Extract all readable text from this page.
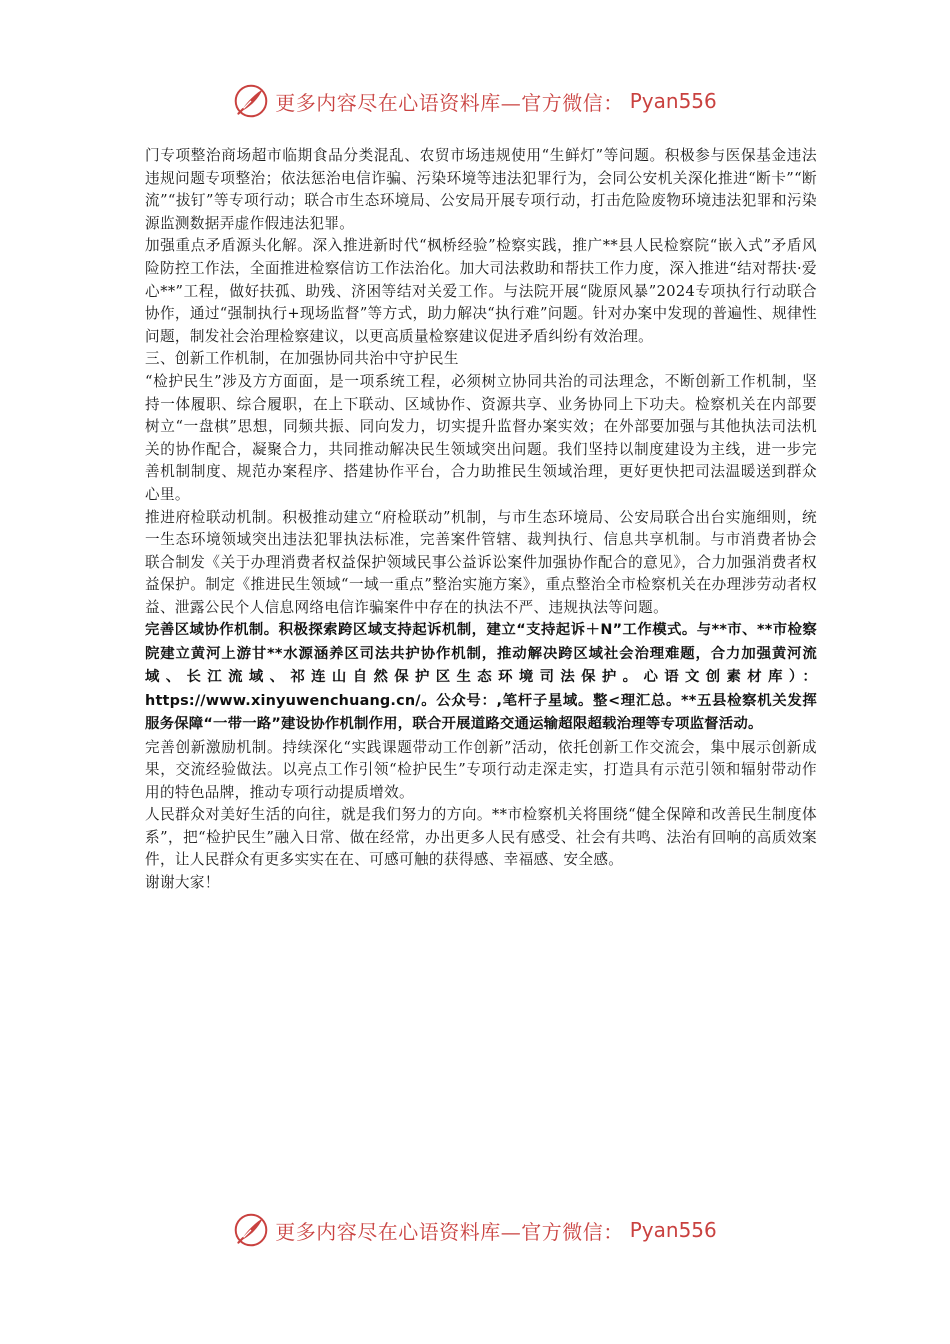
更多内容尽在心语资料库—官方微信： Pyan556

门专项整治商场超市临期食品分类混乱、农贸市场违规使用“生鲜灯”等问题。积极参与医保基金违法违规问题专项整治；依法惩治电信诈骗、污染环境等违法犯罪行为，会同公安机关深化推进“断卡”“断流”“拔钉”等专项行动；联合市生态环境局、公安局开展专项行动，打击危险废物环境违法犯罪和污染源监测数据弄虚作假违法犯罪。

加强重点矛盾源头化解。深入推进新时代“枫桥经验”检察实践，推广**县人民检察院“嵌入式”矛盾风险防控工作法，全面推进检察信访工作法治化。加大司法救助和帮扶工作力度，深入推进“结对帮扶·爱心**”工程，做好扶孤、助残、济困等结对关爱工作。与法院开展“陇原风暴”2024专项执行行动联合协作，通过“强制执行+现场监督”等方式，助力解决“执行难”问题。针对办案中发现的普遍性、规律性问题，制发社会治理检察建议，以更高质量检察建议促进矛盾纠纷有效治理。

三、创新工作机制，在加强协同共治中守护民生

“检护民生”涉及方方面面，是一项系统工程，必须树立协同共治的司法理念，不断创新工作机制，坚持一体履职、综合履职，在上下联动、区域协作、资源共享、业务协同上下功夫。检察机关在内部要树立“一盘棋”思想，同频共振、同向发力，切实提升监督办案实效；在外部要加强与其他执法司法机关的协作配合，凝聚合力，共同推动解决民生领域突出问题。我们坚持以制度建设为主线，进一步完善机制制度、规范办案程序、搭建协作平台，合力助推民生领域治理，更好更快把司法温暖送到群众心里。

推进府检联动机制。积极推动建立“府检联动”机制，与市生态环境局、公安局联合出台实施细则，统一生态环境领域突出违法犯罪执法标准，完善案件管辖、裁判执行、信息共享机制。与市消费者协会联合制发《关于办理消费者权益保护领域民事公益诉讼案件加强协作配合的意见》，合力加强消费者权益保护。制定《推进民生领域“一域一重点”整治实施方案》，重点整治全市检察机关在办理涉劳动者权益、泄露公民个人信息网络电信诈骗案件中存在的执法不严、违规执法等问题。

完善区域协作机制。积极探索跨区域支持起诉机制，建立“支持起诉＋N”工作模式。与**市、**市检察院建立黄河上游甘**水源涵养区司法共护协作机制，推动解决跨区域社会治理难题，合力加强黄河流域、长江流域、祁连山自然保护区生态环境司法保护。心语文创素材库）：https://www.xinyuwenchuang.cn/。公众号：,笔杆子星域。整<理汇总。**五县检察机关发挥服务保障“一带一路”建设协作机制作用，联合开展道路交通运输超限超载治理等专项监督活动。

完善创新激励机制。持续深化“实践课题带动工作创新”活动，依托创新工作交流会，集中展示创新成果，交流经验做法。以亮点工作引领“检护民生”专项行动走深走实，打造具有示范引领和辐射带动作用的特色品牌，推动专项行动提质增效。

人民群众对美好生活的向往，就是我们努力的方向。**市检察机关将围绕“健全保障和改善民生制度体系”，把“检护民生”融入日常、做在经常，办出更多人民有感受、社会有共鸣、法治有回响的高质效案件，让人民群众有更多实实在在、可感可触的获得感、幸福感、安全感。

谢谢大家！

更多内容尽在心语资料库—官方微信： Pyan556
